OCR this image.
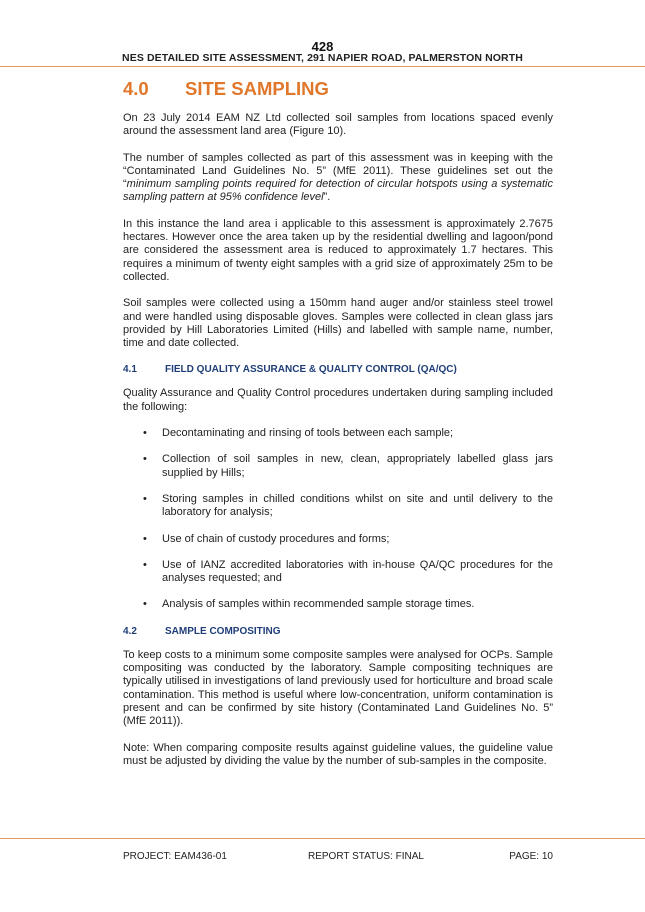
428
NES DETAILED SITE ASSESSMENT, 291 NAPIER ROAD, PALMERSTON NORTH
4.0 SITE SAMPLING

On 23 July 2014 EAM NZ Ltd collected soil samples from locations spaced evenly around the assessment land area (Figure 10).

The number of samples collected as part of this assessment was in keeping with the “Contaminated Land Guidelines No. 5” (MfE 2011). These guidelines set out the “minimum sampling points required for detection of circular hotspots using a systematic sampling pattern at 95% confidence level”.

In this instance the land area i applicable to this assessment is approximately 2.7675 hectares. However once the area taken up by the residential dwelling and lagoon/pond are considered the assessment area is reduced to approximately 1.7 hectares. This requires a minimum of twenty eight samples with a grid size of approximately 25m to be collected.

Soil samples were collected using a 150mm hand auger and/or stainless steel trowel and were handled using disposable gloves. Samples were collected in clean glass jars provided by Hill Laboratories Limited (Hills) and labelled with sample name, number, time and date collected.

4.1	FIELD QUALITY ASSURANCE & QUALITY CONTROL (QA/QC)

Quality Assurance and Quality Control procedures undertaken during sampling included the following:

• Decontaminating and rinsing of tools between each sample;
• Collection of soil samples in new, clean, appropriately labelled glass jars supplied by Hills;
• Storing samples in chilled conditions whilst on site and until delivery to the laboratory for analysis;
• Use of chain of custody procedures and forms;
• Use of IANZ accredited laboratories with in-house QA/QC procedures for the analyses requested; and
• Analysis of samples within recommended sample storage times.
4.2	SAMPLE COMPOSITING

To keep costs to a minimum some composite samples were analysed for OCPs. Sample compositing was conducted by the laboratory. Sample compositing techniques are typically utilised in investigations of land previously used for horticulture and broad scale contamination. This method is useful where low-concentration, uniform contamination is present and can be confirmed by site history (Contaminated Land Guidelines No. 5” (MfE 2011)).

Note: When comparing composite results against guideline values, the guideline value must be adjusted by dividing the value by the number of sub-samples in the composite.

PROJECT: EAM436-01	REPORT STATUS: FINAL	PAGE: 10
